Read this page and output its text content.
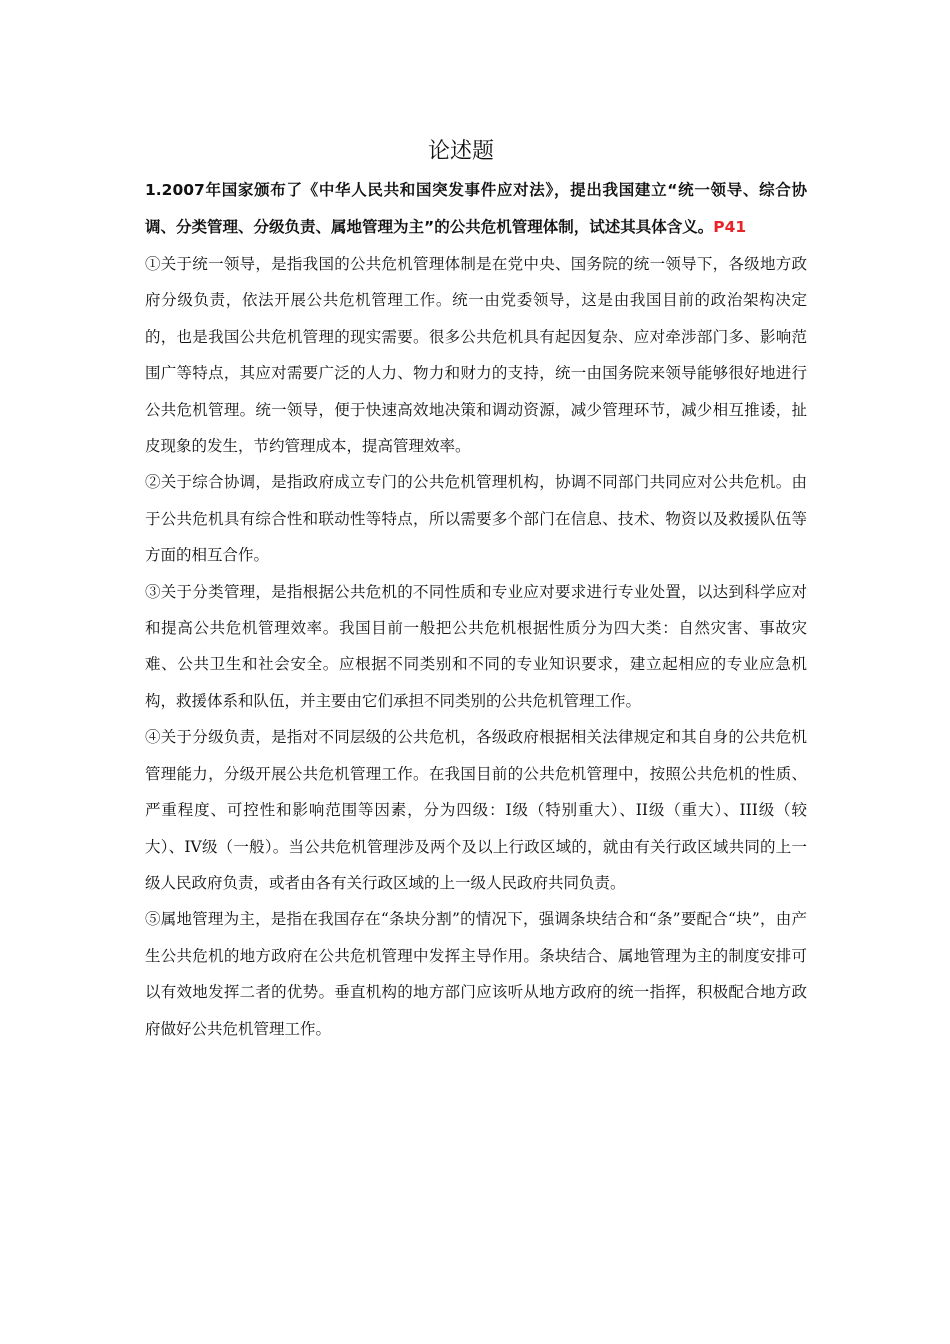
论述题

1.2007年国家颁布了《中华人民共和国突发事件应对法》，提出我国建立“统一领导、综合协调、分类管理、分级负责、属地管理为主”的公共危机管理体制，试述其具体含义。P41

①关于统一领导，是指我国的公共危机管理体制是在党中央、国务院的统一领导下，各级地方政府分级负责，依法开展公共危机管理工作。统一由党委领导，这是由我国目前的政治架构决定的，也是我国公共危机管理的现实需要。很多公共危机具有起因复杂、应对牵涉部门多、影响范围广等特点，其应对需要广泛的人力、物力和财力的支持，统一由国务院来领导能够很好地进行公共危机管理。统一领导，便于快速高效地决策和调动资源，减少管理环节，减少相互推诿，扯皮现象的发生，节约管理成本，提高管理效率。

②关于综合协调，是指政府成立专门的公共危机管理机构，协调不同部门共同应对公共危机。由于公共危机具有综合性和联动性等特点，所以需要多个部门在信息、技术、物资以及救援队伍等方面的相互合作。

③关于分类管理，是指根据公共危机的不同性质和专业应对要求进行专业处置，以达到科学应对和提高公共危机管理效率。我国目前一般把公共危机根据性质分为四大类：自然灾害、事故灾难、公共卫生和社会安全。应根据不同类别和不同的专业知识要求，建立起相应的专业应急机构，救援体系和队伍，并主要由它们承担不同类别的公共危机管理工作。

④关于分级负责，是指对不同层级的公共危机，各级政府根据相关法律规定和其自身的公共危机管理能力，分级开展公共危机管理工作。在我国目前的公共危机管理中，按照公共危机的性质、严重程度、可控性和影响范围等因素，分为四级：I级（特别重大）、II级（重大）、III级（较大）、IV级（一般）。当公共危机管理涉及两个及以上行政区域的，就由有关行政区域共同的上一级人民政府负责，或者由各有关行政区域的上一级人民政府共同负责。

⑤属地管理为主，是指在我国存在“条块分割”的情况下，强调条块结合和“条”要配合“块”，由产生公共危机的地方政府在公共危机管理中发挥主导作用。条块结合、属地管理为主的制度安排可以有效地发挥二者的优势。垂直机构的地方部门应该听从地方政府的统一指挥，积极配合地方政府做好公共危机管理工作。
